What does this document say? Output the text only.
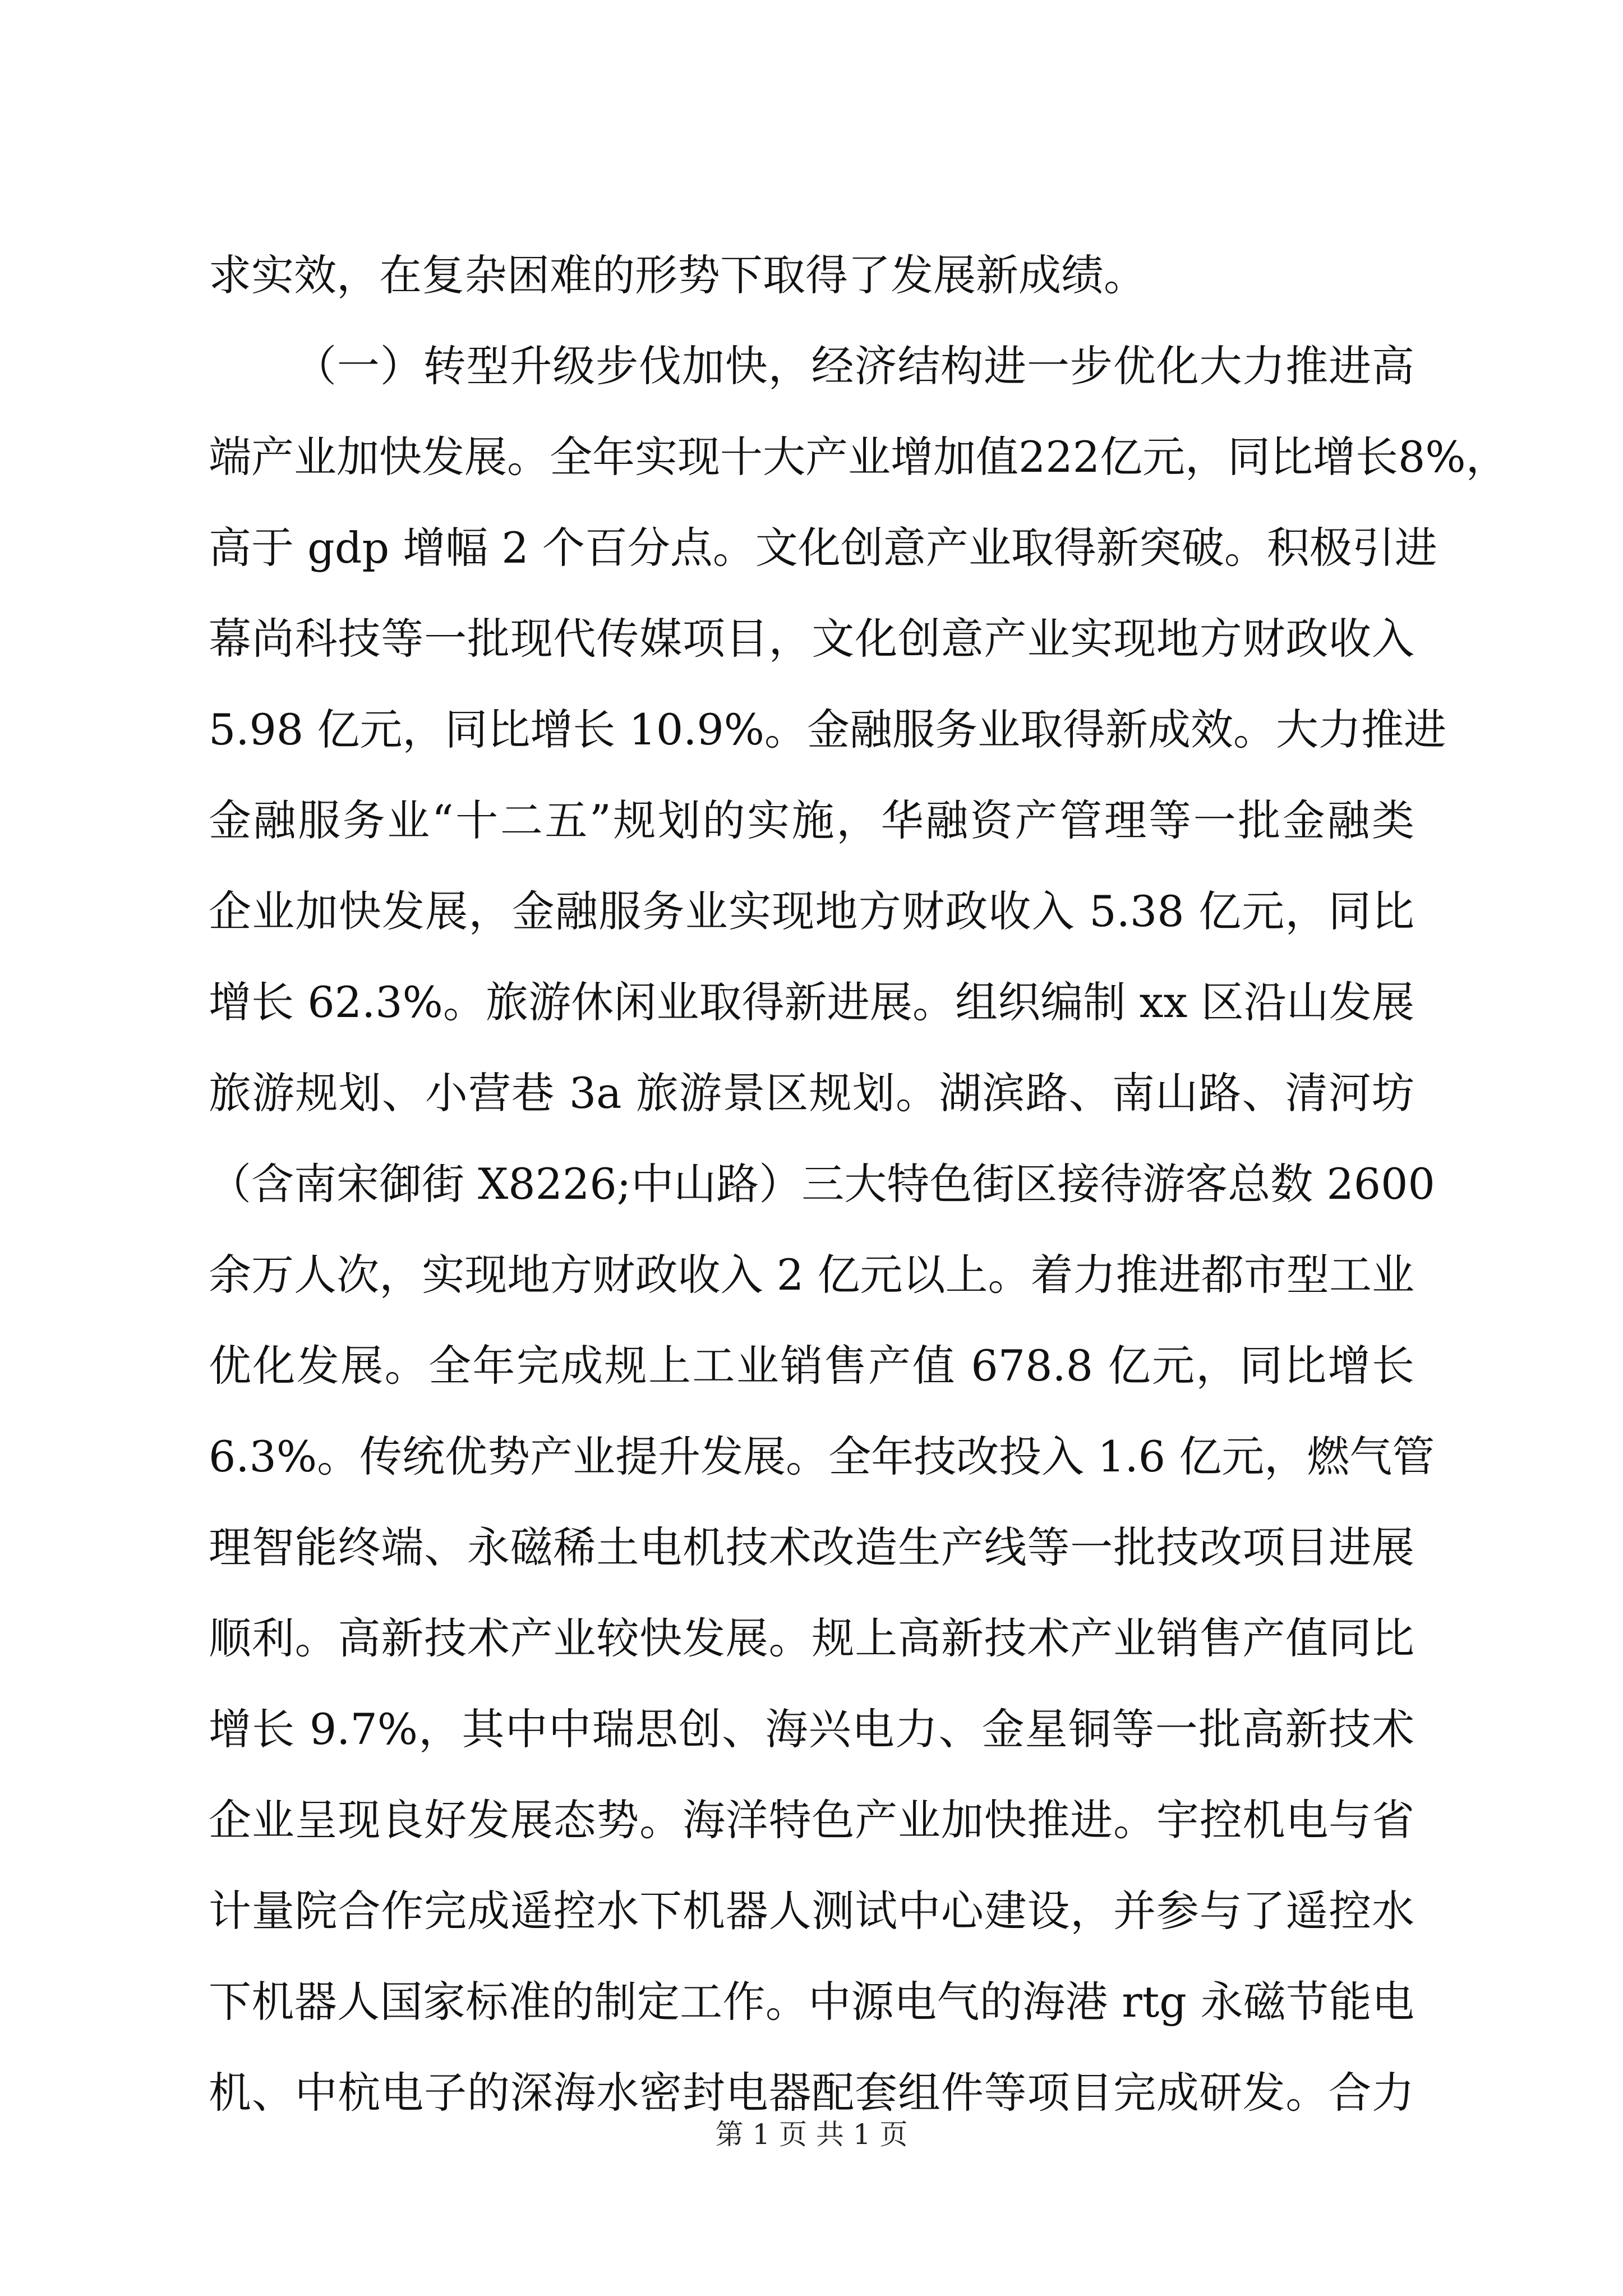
求实效，在复杂困难的形势下取得了发展新成绩。
（一）转型升级步伐加快，经济结构进一步优化大力推进高
端产业加快发展。全年实现十大产业增加值222亿元，同比增长8%，
高于 gdp 增幅 2 个百分点。文化创意产业取得新突破。积极引进
幕尚科技等一批现代传媒项目，文化创意产业实现地方财政收入
5.98 亿元，同比增长 10.9%。金融服务业取得新成效。大力推进
金融服务业“十二五”规划的实施，华融资产管理等一批金融类
企业加快发展，金融服务业实现地方财政收入 5.38 亿元，同比
增长 62.3%。旅游休闲业取得新进展。组织编制 xx 区沿山发展
旅游规划、小营巷 3a 旅游景区规划。湖滨路、南山路、清河坊
（含南宋御街 X8226;中山路）三大特色街区接待游客总数 2600
余万人次，实现地方财政收入 2 亿元以上。着力推进都市型工业
优化发展。全年完成规上工业销售产值 678.8 亿元，同比增长
6.3%。传统优势产业提升发展。全年技改投入 1.6 亿元，燃气管
理智能终端、永磁稀土电机技术改造生产线等一批技改项目进展
顺利。高新技术产业较快发展。规上高新技术产业销售产值同比
增长 9.7%，其中中瑞思创、海兴电力、金星铜等一批高新技术
企业呈现良好发展态势。海洋特色产业加快推进。宇控机电与省
计量院合作完成遥控水下机器人测试中心建设，并参与了遥控水
下机器人国家标准的制定工作。中源电气的海港 rtg 永磁节能电
机、中杭电子的深海水密封电器配套组件等项目完成研发。合力
第 1 页 共 1 页
